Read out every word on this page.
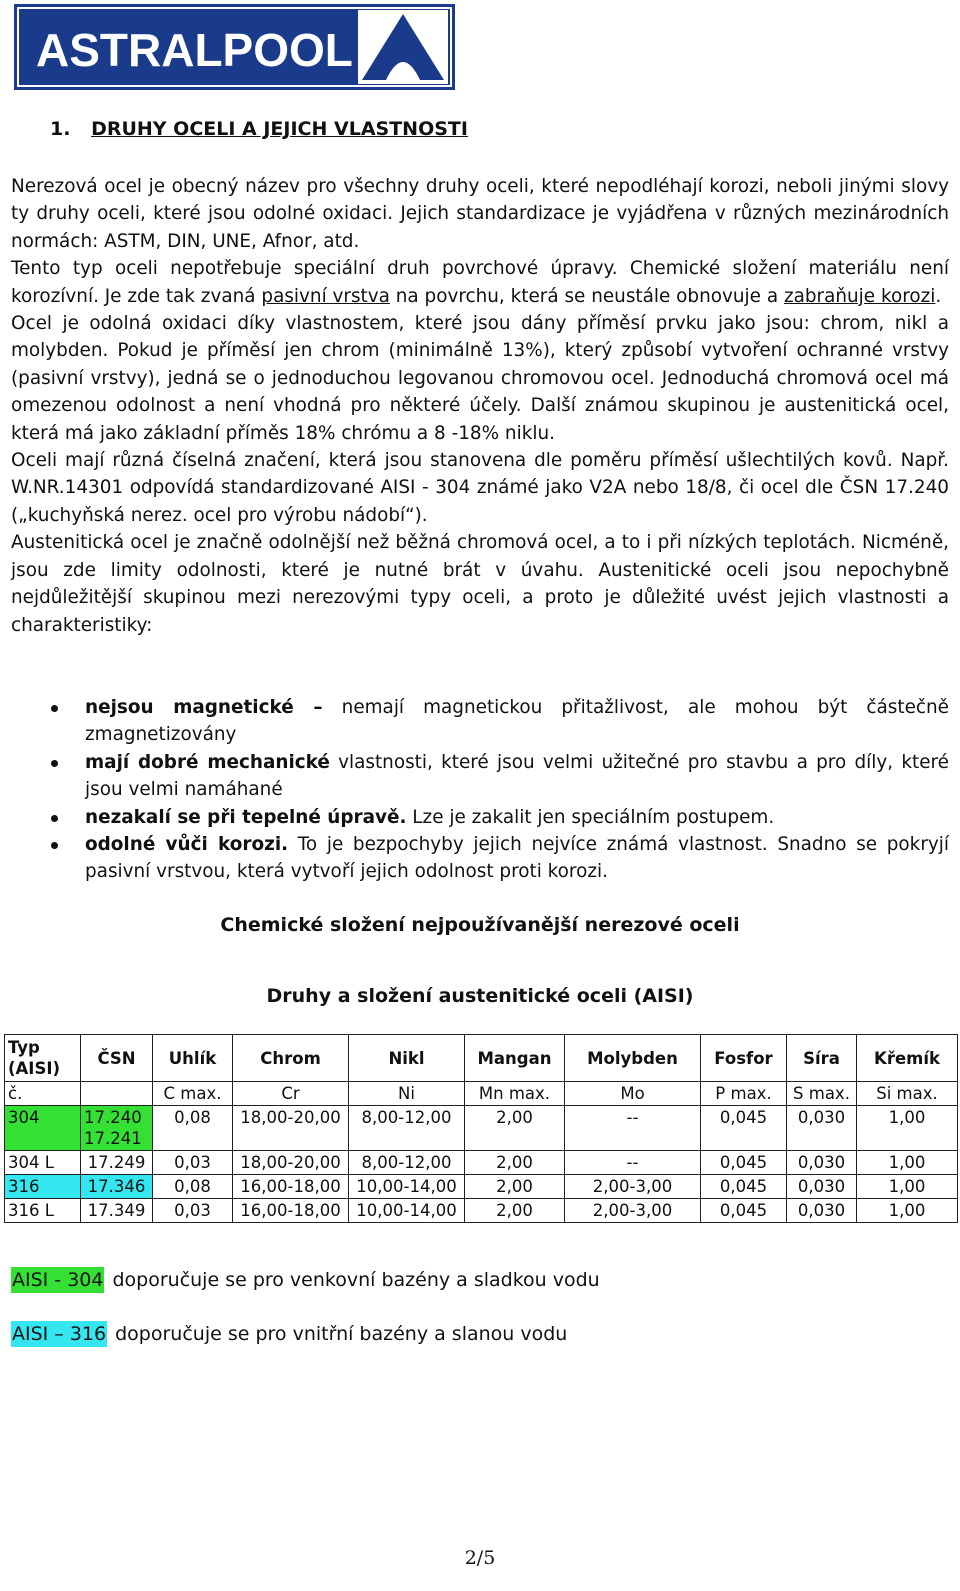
ASTRALPOOL
1. DRUHY OCELI A JEJICH VLASTNOSTI

Nerezová ocel je obecný název pro všechny druhy oceli, které nepodléhají korozi, neboli jinými slovy ty druhy oceli, které jsou odolné oxidaci. Jejich standardizace je vyjádřena v různých mezinárodních normách: ASTM, DIN, UNE, Afnor, atd.

Tento typ oceli nepotřebuje speciální druh povrchové úpravy. Chemické složení materiálu není korozívní. Je zde tak zvaná pasivní vrstva na povrchu, která se neustále obnovuje a zabraňuje korozi.

Ocel je odolná oxidaci díky vlastnostem, které jsou dány příměsí prvku jako jsou: chrom, nikl a molybden. Pokud je příměsí jen chrom (minimálně 13%), který způsobí vytvoření ochranné vrstvy (pasivní vrstvy), jedná se o jednoduchou legovanou chromovou ocel. Jednoduchá chromová ocel má omezenou odolnost a není vhodná pro některé účely. Další známou skupinou je austenitická ocel, která má jako základní příměs 18% chrómu a 8 -18% niklu.

Oceli mají různá číselná značení, která jsou stanovena dle poměru příměsí ušlechtilých kovů. Např. W.NR.14301 odpovídá standardizované AISI - 304 známé jako V2A nebo 18/8, či ocel dle ČSN 17.240 („kuchyňská nerez. ocel pro výrobu nádobí“).

Austenitická ocel je značně odolnější než běžná chromová ocel, a to i při nízkých teplotách. Nicméně, jsou zde limity odolnosti, které je nutné brát v úvahu. Austenitické oceli jsou nepochybně nejdůležitější skupinou mezi nerezovými typy oceli, a proto je důležité uvést jejich vlastnosti a charakteristiky:

nejsou magnetické – nemají magnetickou přitažlivost, ale mohou být částečně zmagnetizovány
mají dobré mechanické vlastnosti, které jsou velmi užitečné pro stavbu a pro díly, které jsou velmi namáhané
nezakalí se při tepelné úpravě. Lze je zakalit jen speciálním postupem.
odolné vůči korozi. To je bezpochyby jejich nejvíce známá vlastnost. Snadno se pokryjí pasivní vrstvou, která vytvoří jejich odolnost proti korozi.
Chemické složení nejpoužívanější nerezové oceli
Druhy a složení austenitické oceli (AISI)
Typ (AISI)	ČSN	Uhlík	Chrom	Nikl	Mangan	Molybden	Fosfor	Síra	Křemík
č.		C max.	Cr	Ni	Mn max.	Mo	P max.	S max.	Si max.
304	17.240 17.241	0,08	18,00-20,00	8,00-12,00	2,00	--	0,045	0,030	1,00
304 L	17.249	0,03	18,00-20,00	8,00-12,00	2,00	--	0,045	0,030	1,00
316	17.346	0,08	16,00-18,00	10,00-14,00	2,00	2,00-3,00	0,045	0,030	1,00
316 L	17.349	0,03	16,00-18,00	10,00-14,00	2,00	2,00-3,00	0,045	0,030	1,00
AISI - 304 doporučuje se pro venkovní bazény a sladkou vodu
AISI – 316 doporučuje se pro vnitřní bazény a slanou vodu
2/5
